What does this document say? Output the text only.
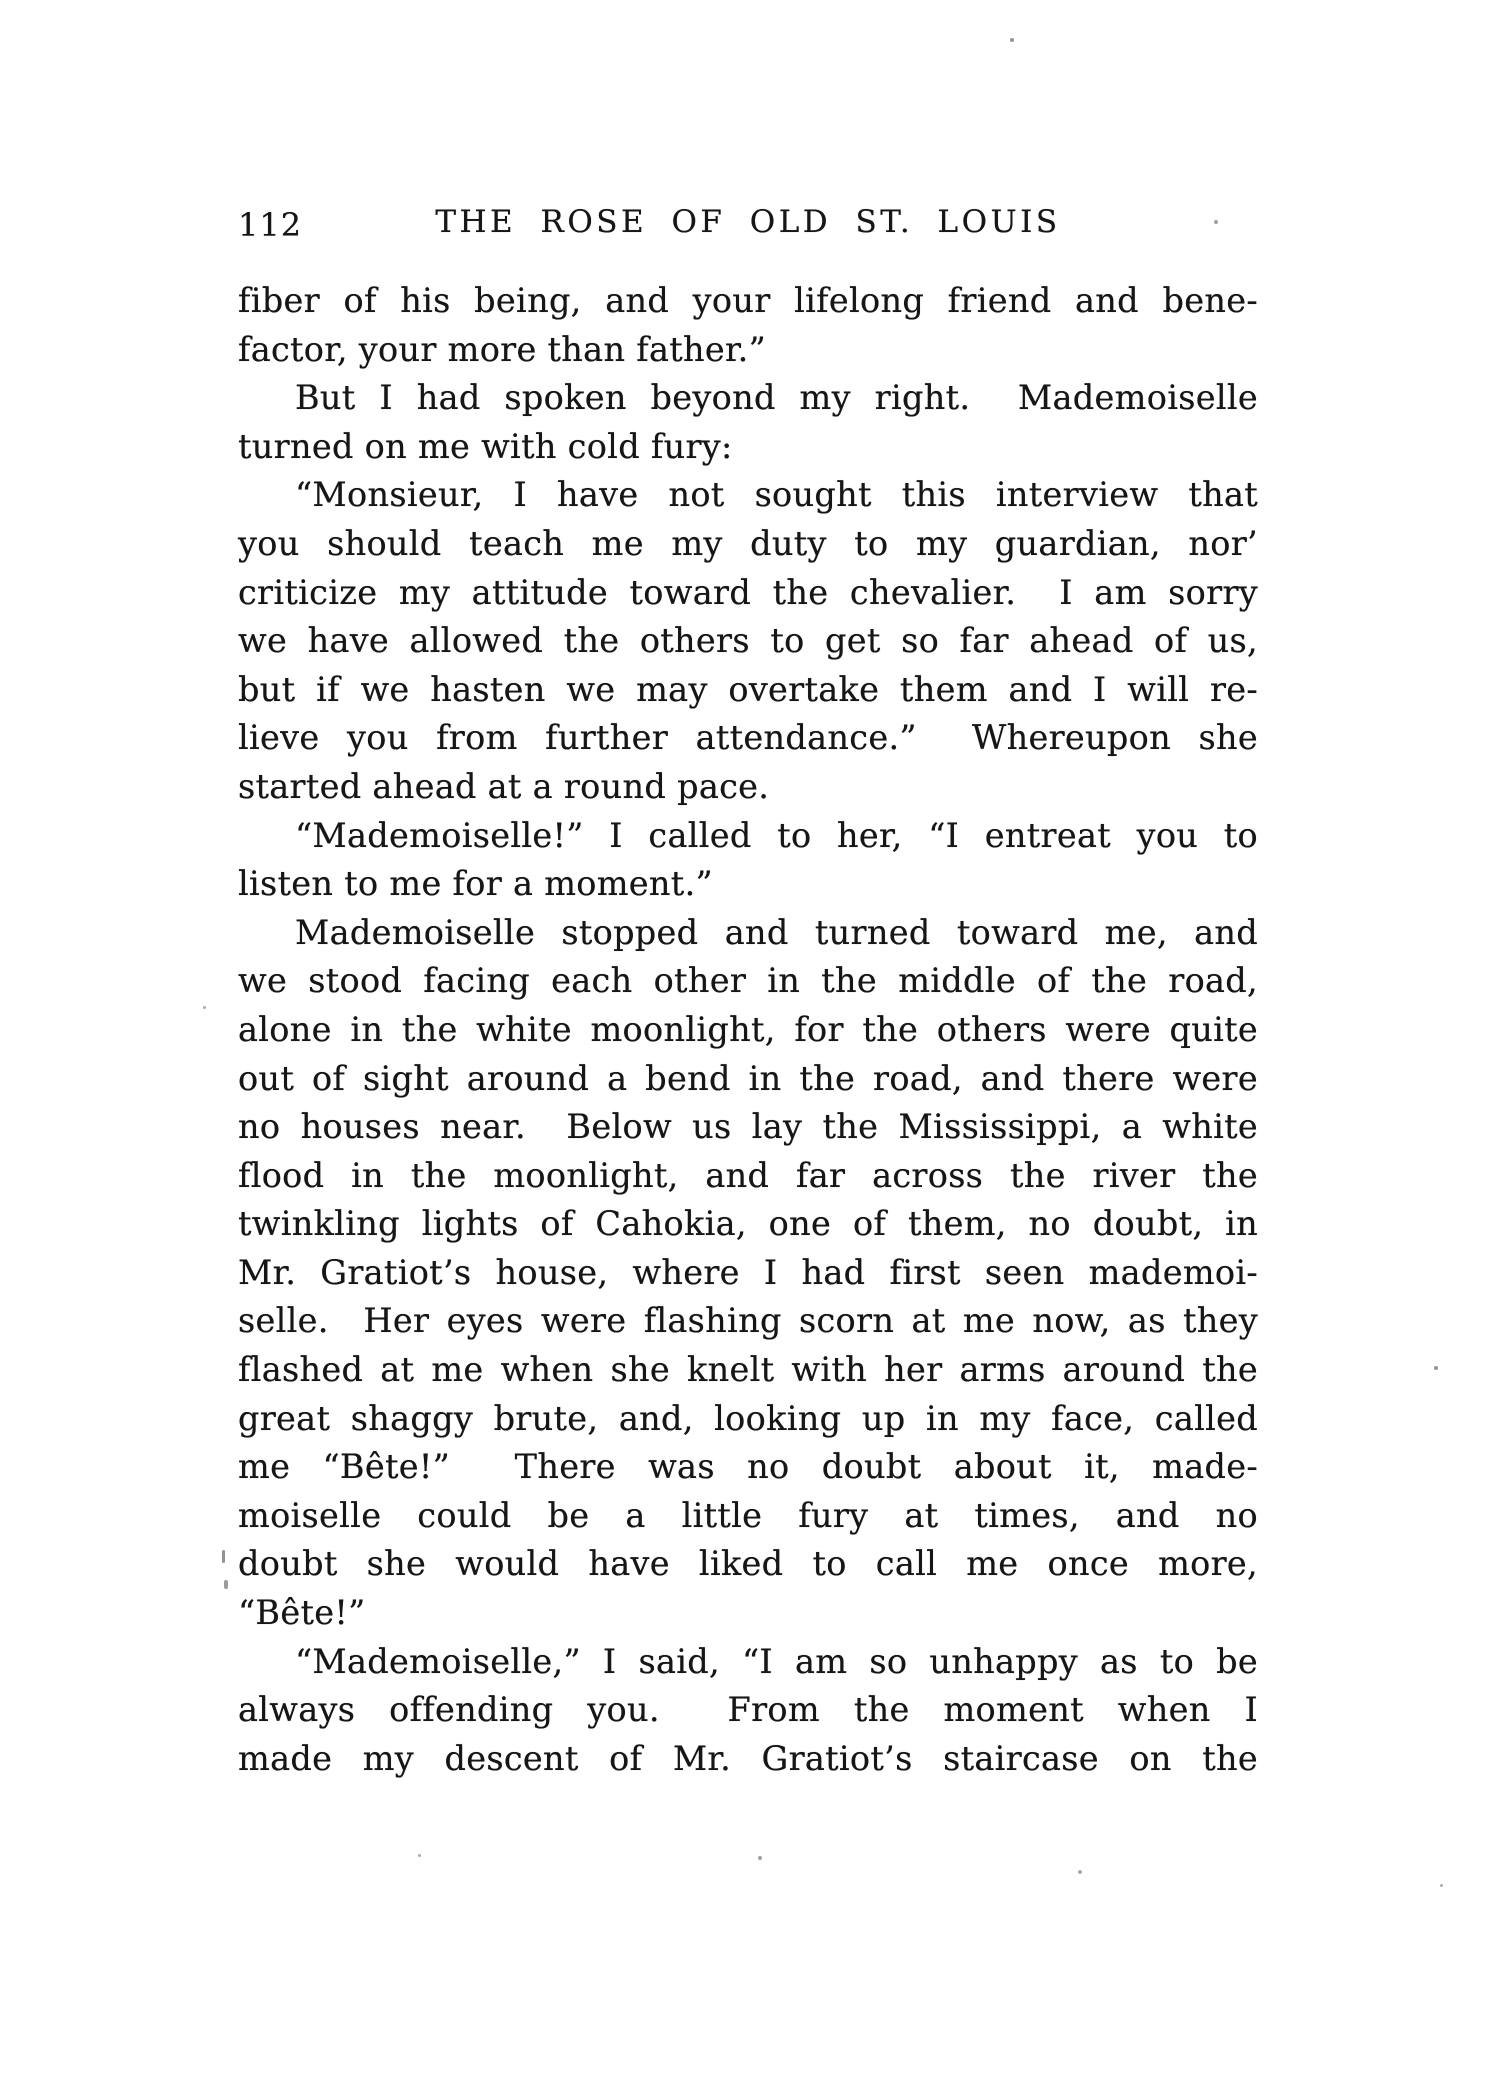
112	THE ROSE OF OLD ST. LOUIS
fiber of his being, and your lifelong friend and bene-
factor, your more than father.”
But I had spoken beyond my right.  Mademoiselle
turned on me with cold fury:
“Monsieur, I have not sought this interview that
you should teach me my duty to my guardian, nor’
criticize my attitude toward the chevalier.  I am sorry
we have allowed the others to get so far ahead of us,
but if we hasten we may overtake them and I will re-
lieve you from further attendance.”  Whereupon she
started ahead at a round pace.
“Mademoiselle!” I called to her, “I entreat you to
listen to me for a moment.”
Mademoiselle stopped and turned toward me, and
we stood facing each other in the middle of the road,
alone in the white moonlight, for the others were quite
out of sight around a bend in the road, and there were
no houses near.  Below us lay the Mississippi, a white
flood in the moonlight, and far across the river the
twinkling lights of Cahokia, one of them, no doubt, in
Mr. Gratiot’s house, where I had first seen mademoi-
selle.  Her eyes were flashing scorn at me now, as they
flashed at me when she knelt with her arms around the
great shaggy brute, and, looking up in my face, called
me “Bête!”  There was no doubt about it, made-
moiselle could be a little fury at times, and no
doubt she would have liked to call me once more,
“Bête!”
“Mademoiselle,” I said, “I am so unhappy as to be
always offending you.  From the moment when I
made my descent of Mr. Gratiot’s staircase on the
